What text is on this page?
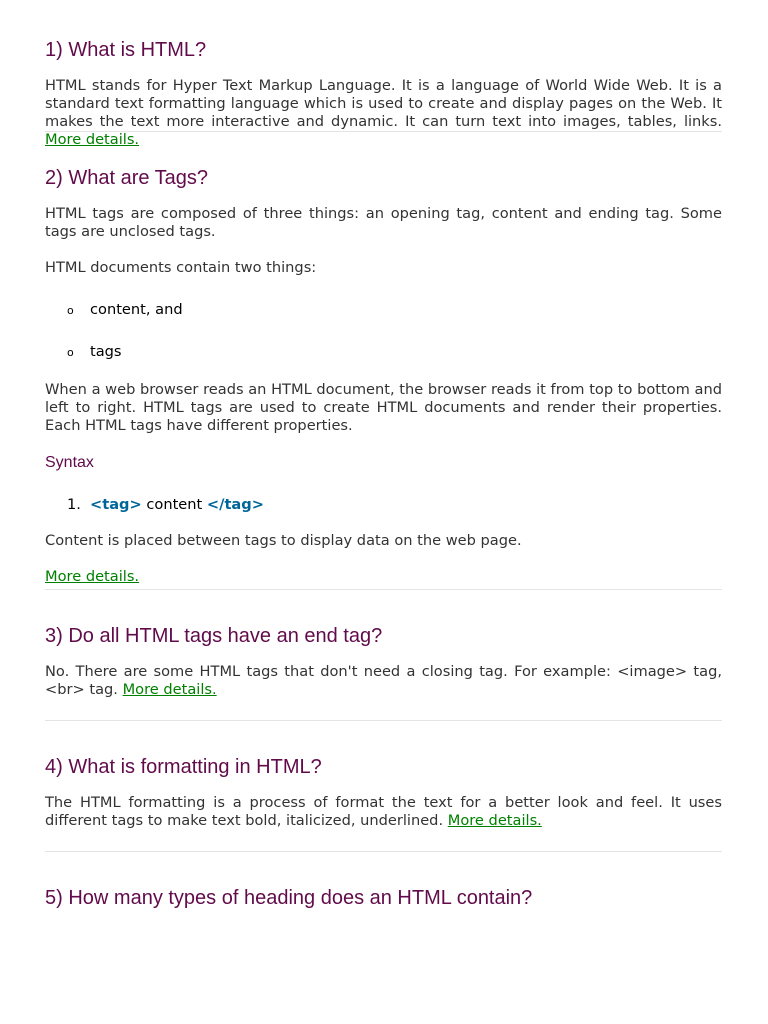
1) What is HTML?

HTML stands for Hyper Text Markup Language. It is a language of World Wide Web. It is a standard text formatting language which is used to create and display pages on the Web. It makes the text more interactive and dynamic. It can turn text into images, tables, links. More details.

2) What are Tags?

HTML tags are composed of three things: an opening tag, content and ending tag. Some tags are unclosed tags.

HTML documents contain two things:

o content, and
o tags

When a web browser reads an HTML document, the browser reads it from top to bottom and left to right. HTML tags are used to create HTML documents and render their properties. Each HTML tags have different properties.

Syntax
1. <tag> content </tag>

Content is placed between tags to display data on the web page.

More details.

3) Do all HTML tags have an end tag?

No. There are some HTML tags that don't need a closing tag. For example: <image> tag, <br> tag. More details.

4) What is formatting in HTML?

The HTML formatting is a process of format the text for a better look and feel. It uses different tags to make text bold, italicized, underlined. More details.

5) How many types of heading does an HTML contain?
